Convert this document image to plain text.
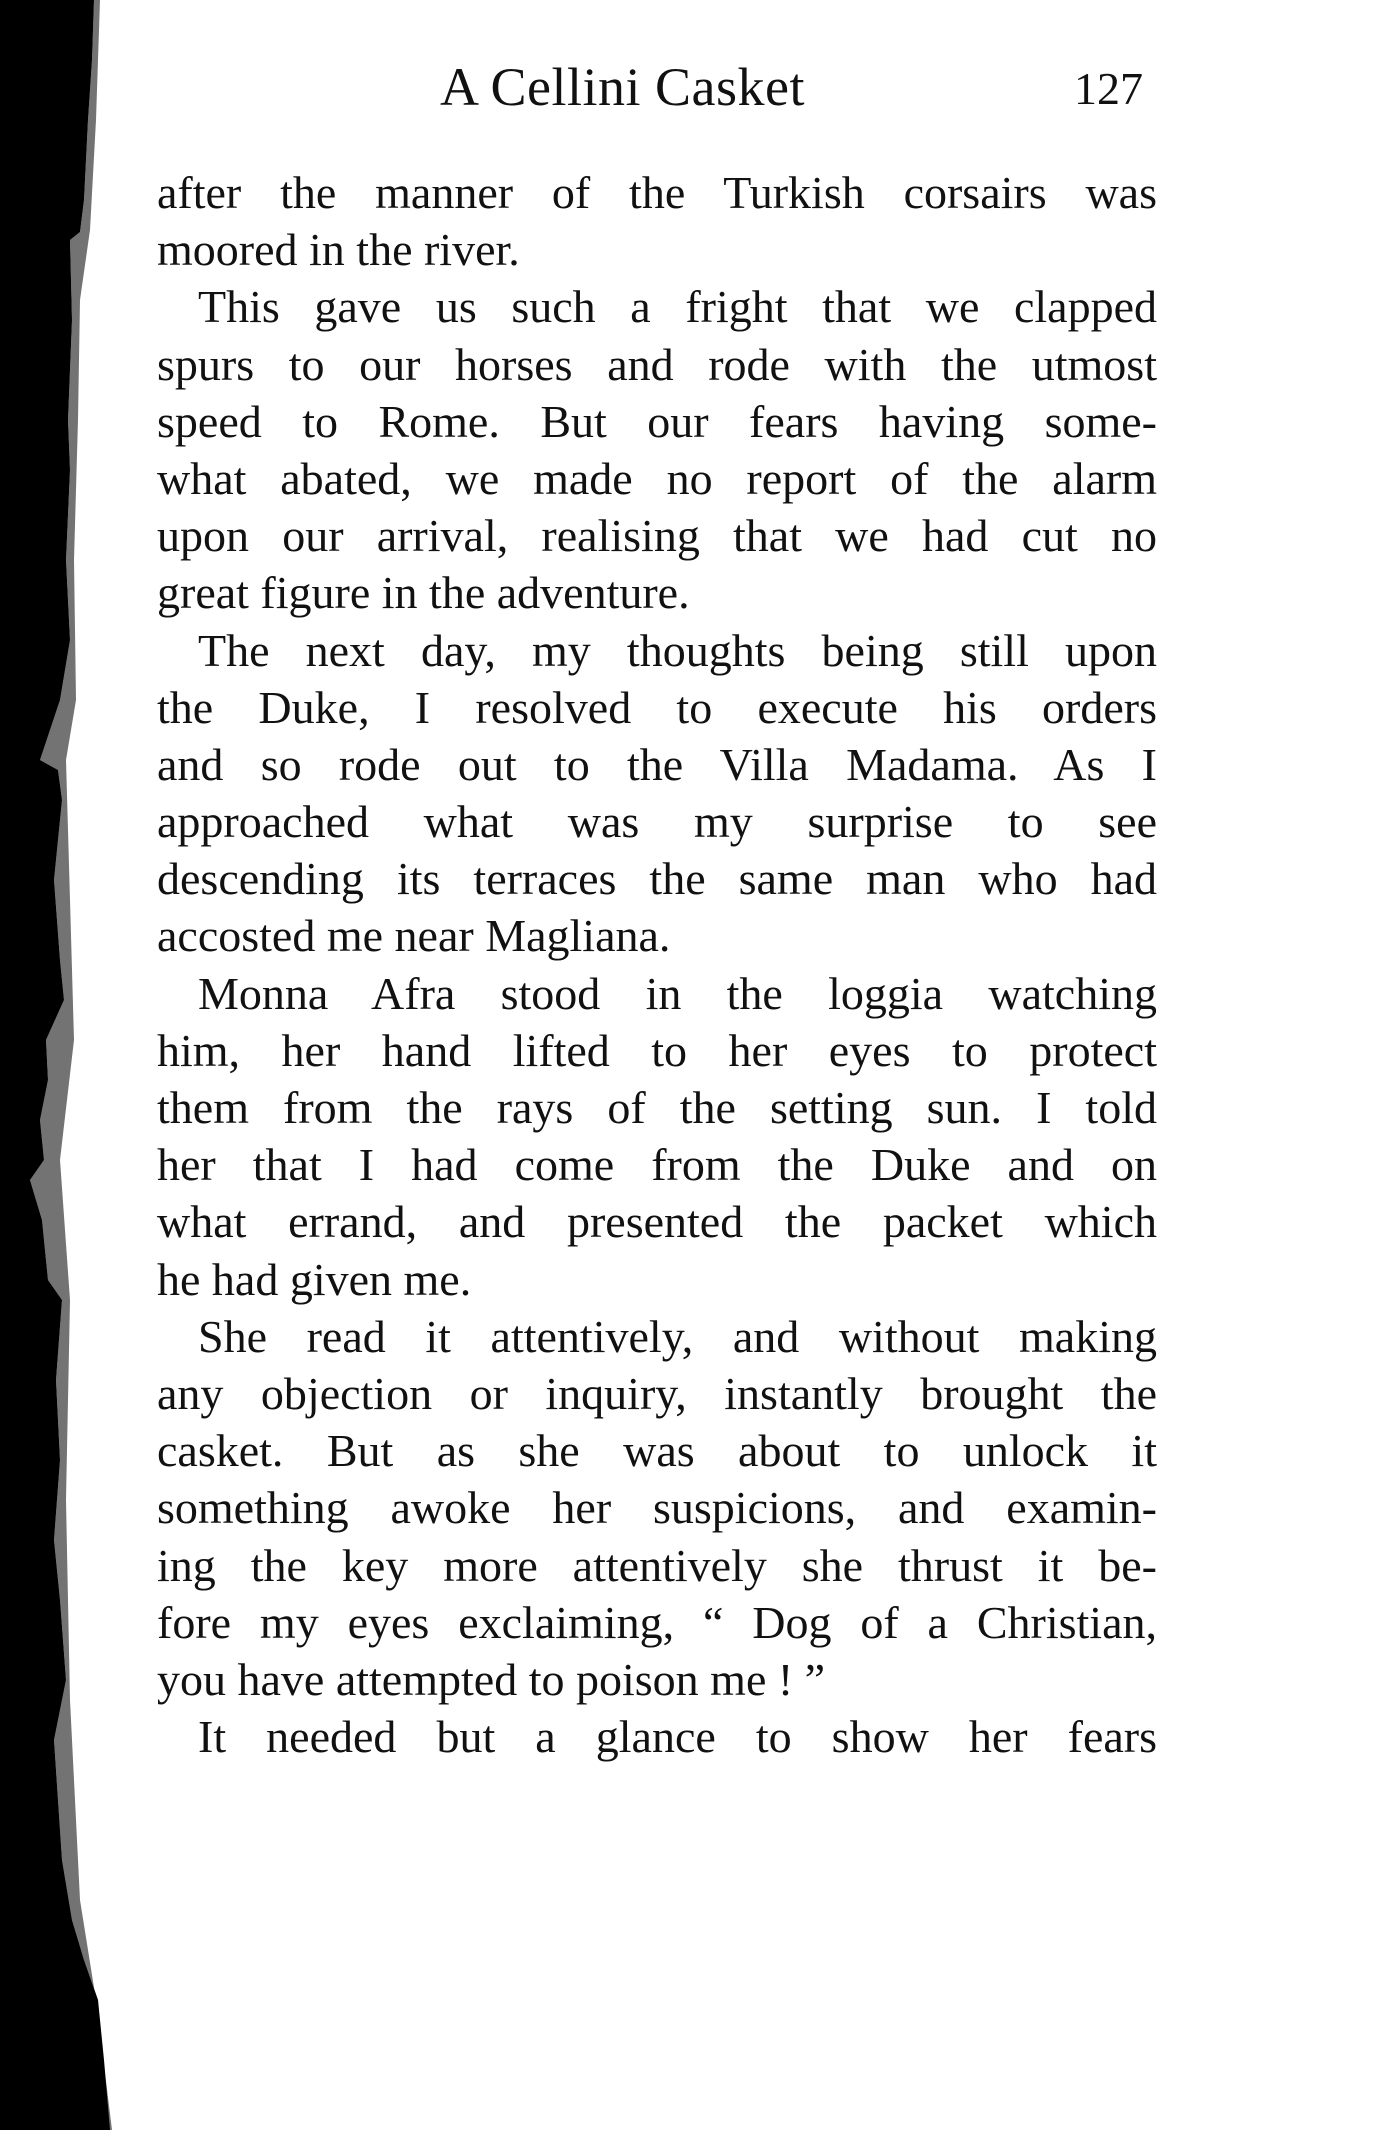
A Cellini Casket	127
after the manner of the Turkish corsairs was
moored in the river.
This gave us such a fright that we clapped
spurs to our horses and rode with the utmost
speed to Rome. But our fears having some-
what abated, we made no report of the alarm
upon our arrival, realising that we had cut no
great figure in the adventure.
The next day, my thoughts being still upon
the Duke, I resolved to execute his orders
and so rode out to the Villa Madama. As I
approached what was my surprise to see
descending its terraces the same man who had
accosted me near Magliana.
Monna Afra stood in the loggia watching
him, her hand lifted to her eyes to protect
them from the rays of the setting sun. I told
her that I had come from the Duke and on
what errand, and presented the packet which
he had given me.
She read it attentively, and without making
any objection or inquiry, instantly brought the
casket. But as she was about to unlock it
something awoke her suspicions, and examin-
ing the key more attentively she thrust it be-
fore my eyes exclaiming, “ Dog of a Christian,
you have attempted to poison me ! ”
It needed but a glance to show her fears
